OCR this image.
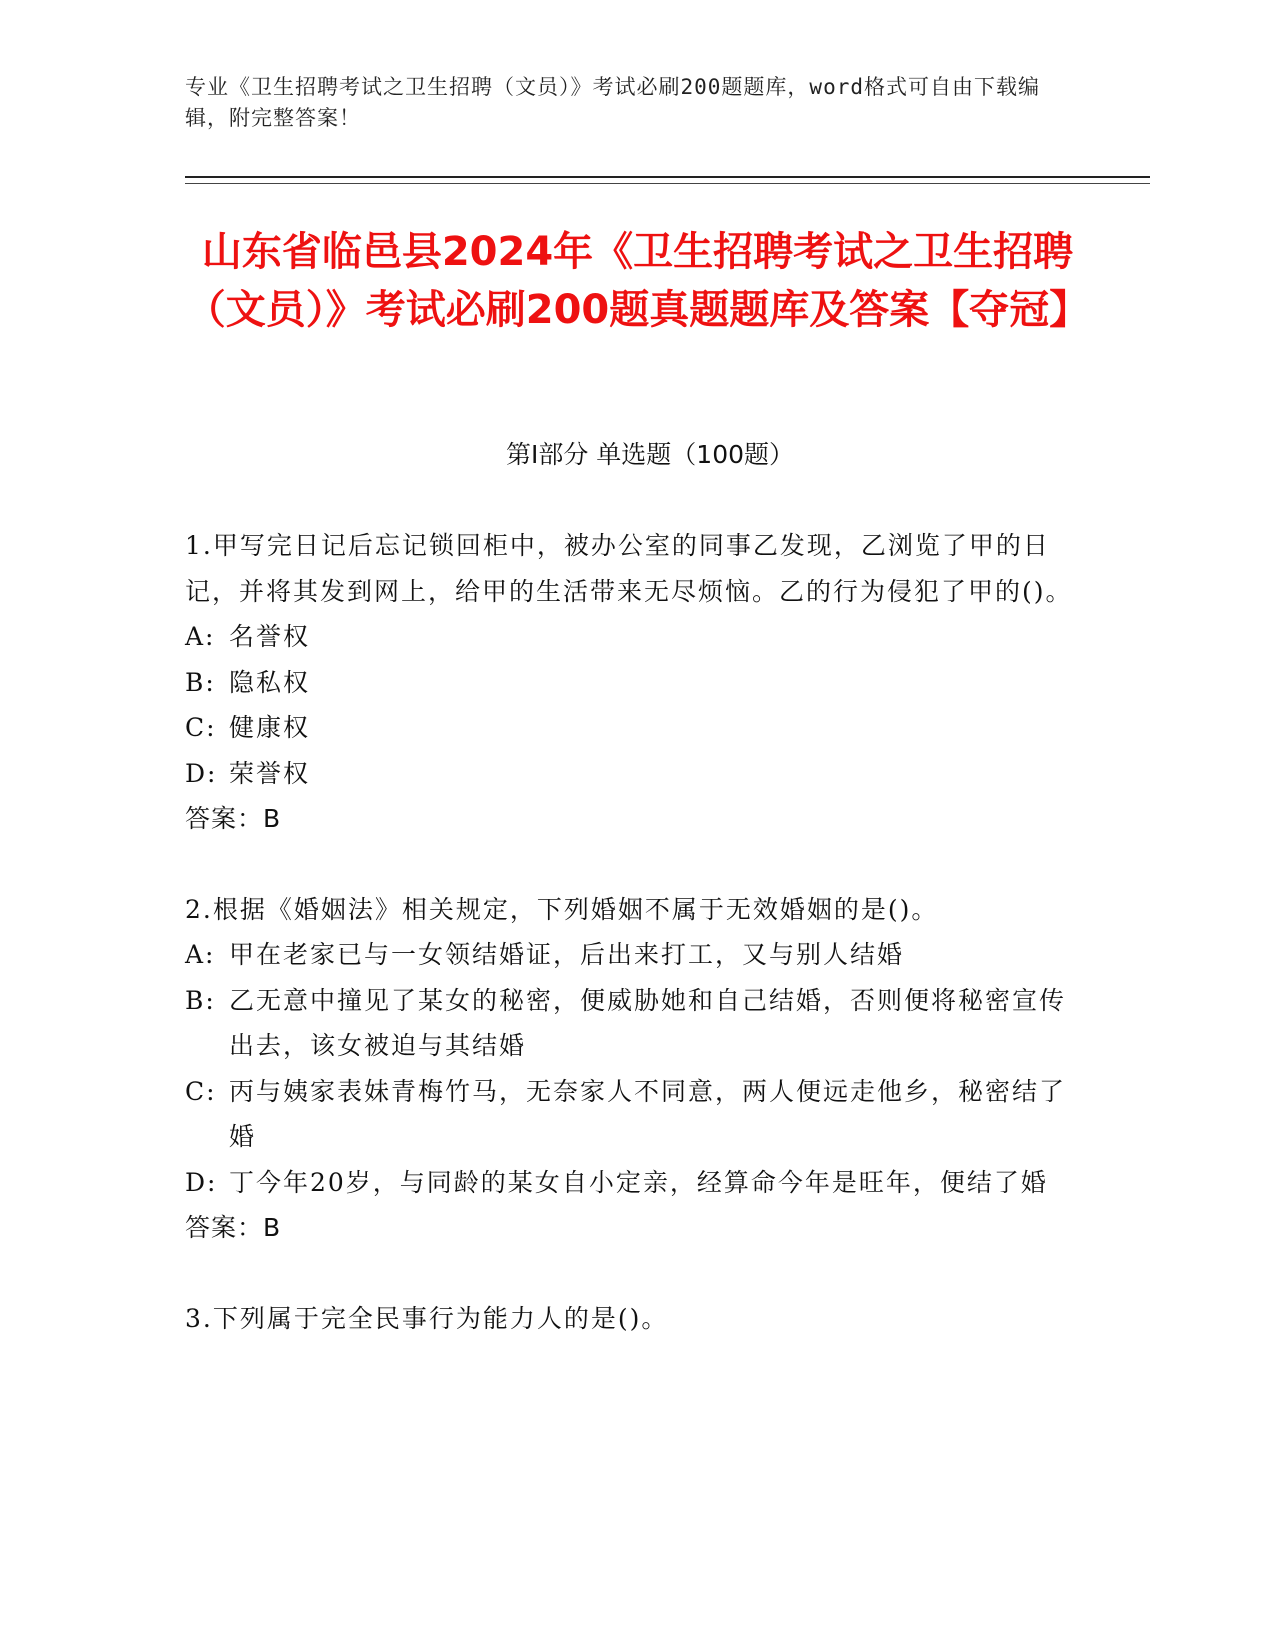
专业《卫生招聘考试之卫生招聘（文员）》考试必刷200题题库，word格式可自由下载编辑，附完整答案！
山东省临邑县2024年《卫生招聘考试之卫生招聘（文员）》考试必刷200题真题题库及答案【夺冠】
第Ⅰ部分 单选题（100题）
1.甲写完日记后忘记锁回柜中，被办公室的同事乙发现，乙浏览了甲的日记，并将其发到网上，给甲的生活带来无尽烦恼。乙的行为侵犯了甲的()。
A: 名誉权
B: 隐私权
C: 健康权
D: 荣誉权
答案：B
2.根据《婚姻法》相关规定，下列婚姻不属于无效婚姻的是()。
A: 甲在老家已与一女领结婚证，后出来打工，又与别人结婚
B: 乙无意中撞见了某女的秘密，便威胁她和自己结婚，否则便将秘密宣传出去，该女被迫与其结婚
C: 丙与姨家表妹青梅竹马，无奈家人不同意，两人便远走他乡，秘密结了婚
D: 丁今年20岁，与同龄的某女自小定亲，经算命今年是旺年，便结了婚
答案：B
3.下列属于完全民事行为能力人的是()。
